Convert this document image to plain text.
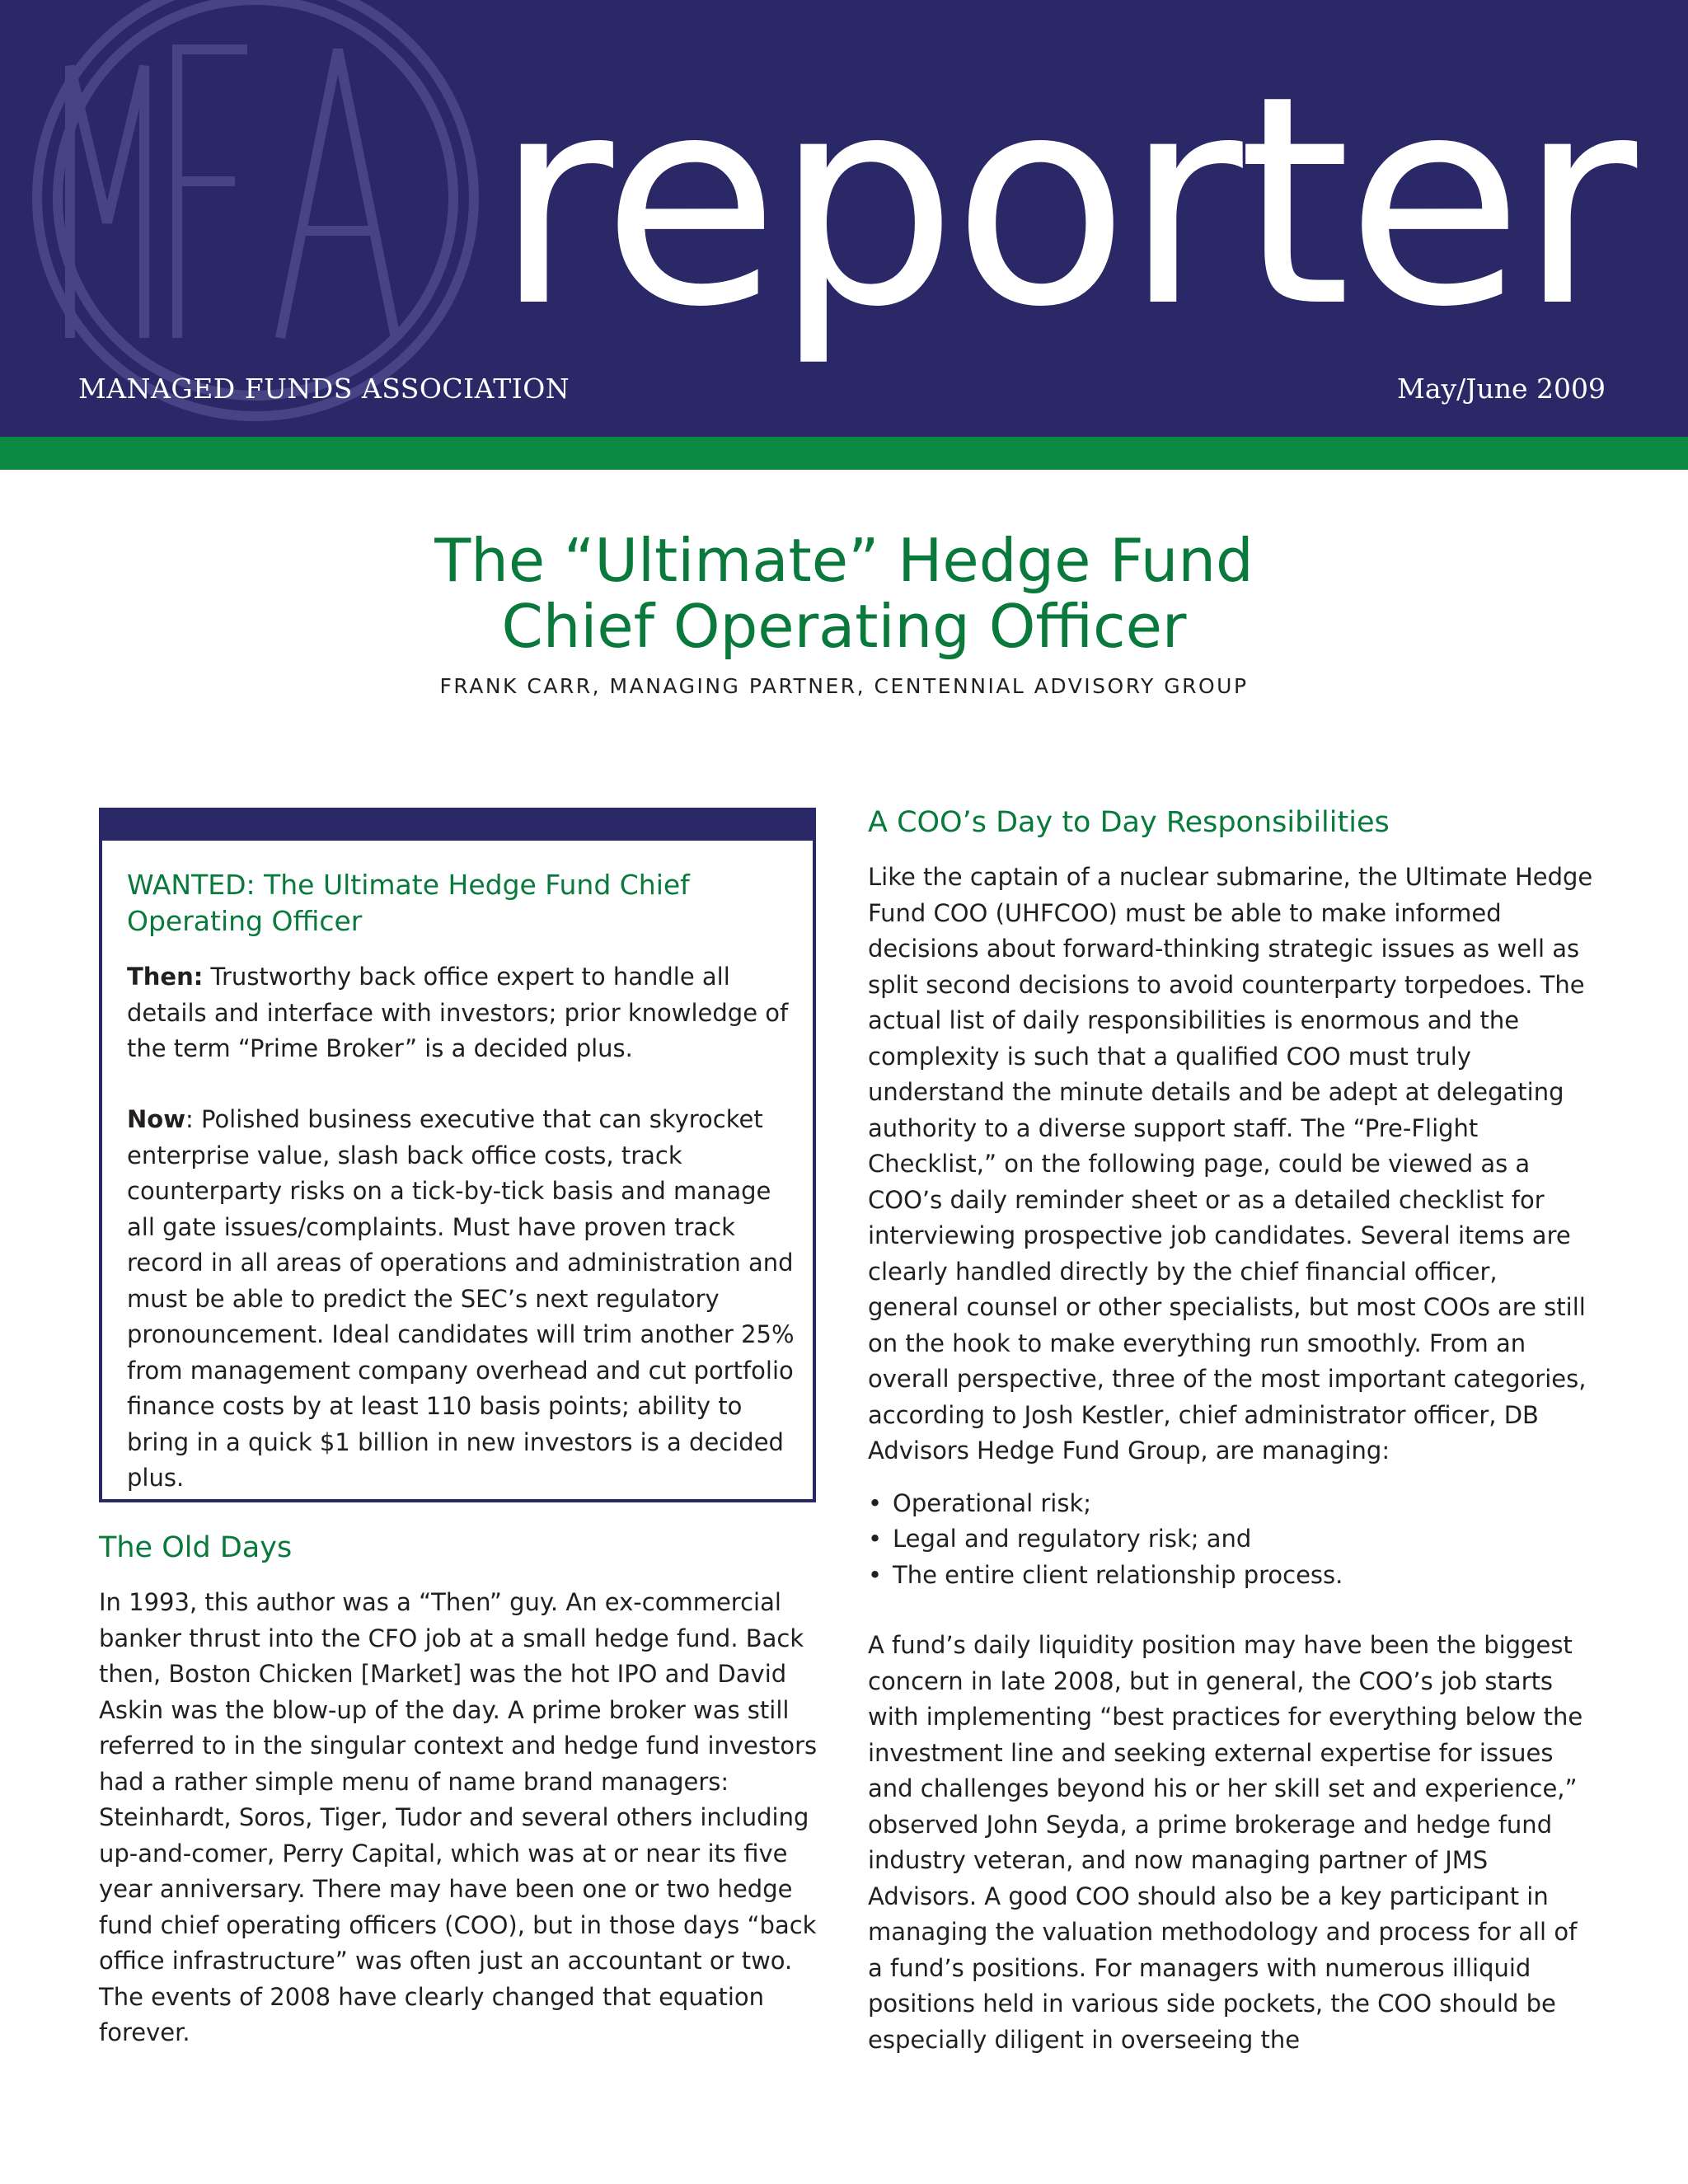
reporter
MANAGED FUNDS ASSOCIATION	May/June 2009
The “Ultimate” Hedge Fund
Chief Operating Officer
FRANK CARR, MANAGING PARTNER, CENTENNIAL ADVISORY GROUP
WANTED: The Ultimate Hedge Fund Chief
Operating Officer

Then: Trustworthy back office expert to handle all details and interface with investors; prior knowledge of the term “Prime Broker” is a decided plus.

Now: Polished business executive that can skyrocket enterprise value, slash back office costs, track counterparty risks on a tick-by-tick basis and manage all gate issues/complaints. Must have proven track record in all areas of operations and administration and must be able to predict the SEC’s next regulatory pronouncement. Ideal candidates will trim another 25% from management company overhead and cut portfolio finance costs by at least 110 basis points; ability to bring in a quick $1 billion in new investors is a decided plus.

The Old Days

In 1993, this author was a “Then” guy. An ex-commercial banker thrust into the CFO job at a small hedge fund. Back then, Boston Chicken [Market] was the hot IPO and David Askin was the blow-up of the day. A prime broker was still referred to in the singular context and hedge fund investors had a rather simple menu of name brand managers: Steinhardt, Soros, Tiger, Tudor and several others including up-and-comer, Perry Capital, which was at or near its five year anniversary. There may have been one or two hedge fund chief operating officers (COO), but in those days “back office infrastructure” was often just an accountant or two. The events of 2008 have clearly changed that equation forever.

A COO’s Day to Day Responsibilities

Like the captain of a nuclear submarine, the Ultimate Hedge Fund COO (UHFCOO) must be able to make informed decisions about forward-thinking strategic issues as well as split second decisions to avoid counterparty torpedoes. The actual list of daily responsibilities is enormous and the complexity is such that a qualified COO must truly understand the minute details and be adept at delegating authority to a diverse support staff. The “Pre-Flight Checklist,” on the following page, could be viewed as a COO’s daily reminder sheet or as a detailed checklist for interviewing prospective job candidates. Several items are clearly handled directly by the chief financial officer, general counsel or other specialists, but most COOs are still on the hook to make everything run smoothly. From an overall perspective, three of the most important categories, according to Josh Kestler, chief administrator officer, DB Advisors Hedge Fund Group, are managing:

• Operational risk;
• Legal and regulatory risk; and
• The entire client relationship process.

A fund’s daily liquidity position may have been the biggest concern in late 2008, but in general, the COO’s job starts with implementing “best practices for everything below the investment line and seeking external expertise for issues and challenges beyond his or her skill set and experience,” observed John Seyda, a prime brokerage and hedge fund industry veteran, and now managing partner of JMS Advisors. A good COO should also be a key participant in managing the valuation methodology and process for all of a fund’s positions. For managers with numerous illiquid positions held in various side pockets, the COO should be especially diligent in overseeing the
